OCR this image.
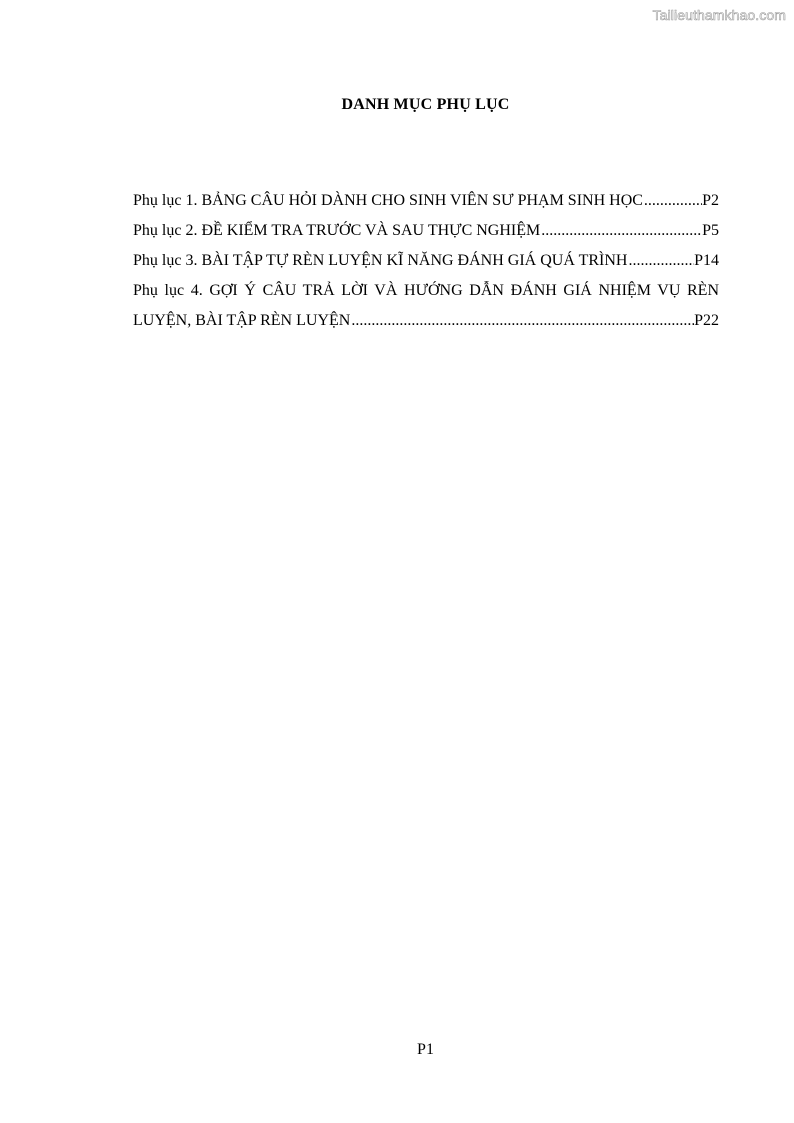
Tailieuthamkhao.com
DANH MỤC PHỤ LỤC
Phụ lục 1. BẢNG CÂU HỎI DÀNH CHO SINH VIÊN SƯ PHẠM SINH HỌC .....	P2
Phụ lục 2. ĐỀ KIỂM TRA TRƯỚC VÀ SAU THỰC NGHIỆM .....	P5
Phụ lục 3. BÀI TẬP TỰ RÈN LUYỆN KĨ NĂNG ĐÁNH GIÁ QUÁ TRÌNH .....	P14
Phụ lục 4. GỢI Ý CÂU TRẢ LỜI VÀ HƯỚNG DẪN ĐÁNH GIÁ NHIỆM VỤ RÈN
LUYỆN, BÀI TẬP RÈN LUYỆN .....	P22
P1
